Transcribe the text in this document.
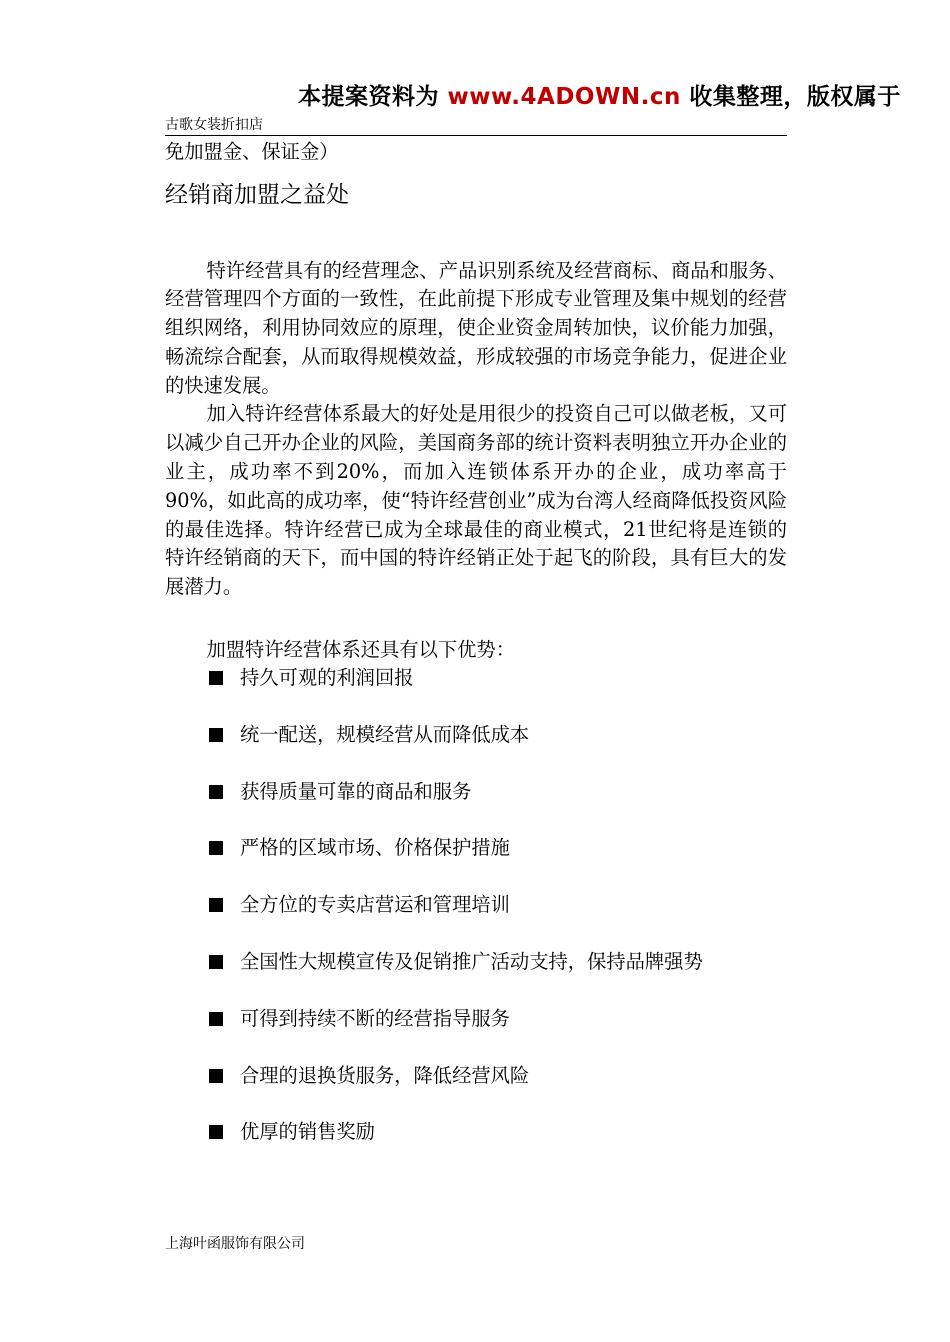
本提案资料为 www.4ADOWN.cn 收集整理，版权属于
古歌女装折扣店
免加盟金、保证金）
经销商加盟之益处

特许经营具有的经营理念、产品识别系统及经营商标、商品和服务、经营管理四个方面的一致性，在此前提下形成专业管理及集中规划的经营组织网络，利用协同效应的原理，使企业资金周转加快，议价能力加强，畅流综合配套，从而取得规模效益，形成较强的市场竞争能力，促进企业的快速发展。

加入特许经营体系最大的好处是用很少的投资自己可以做老板，又可以减少自己开办企业的风险，美国商务部的统计资料表明独立开办企业的业主，成功率不到20%，而加入连锁体系开办的企业，成功率高于90%，如此高的成功率，使“特许经营创业”成为台湾人经商降低投资风险的最佳选择。特许经营已成为全球最佳的商业模式，21世纪将是连锁的特许经销商的天下，而中国的特许经销正处于起飞的阶段，具有巨大的发展潜力。

加盟特许经营体系还具有以下优势：
持久可观的利润回报
统一配送，规模经营从而降低成本
获得质量可靠的商品和服务
严格的区域市场、价格保护措施
全方位的专卖店营运和管理培训
全国性大规模宣传及促销推广活动支持，保持品牌强势
可得到持续不断的经营指导服务
合理的退换货服务，降低经营风险
优厚的销售奖励
上海叶函服饰有限公司
